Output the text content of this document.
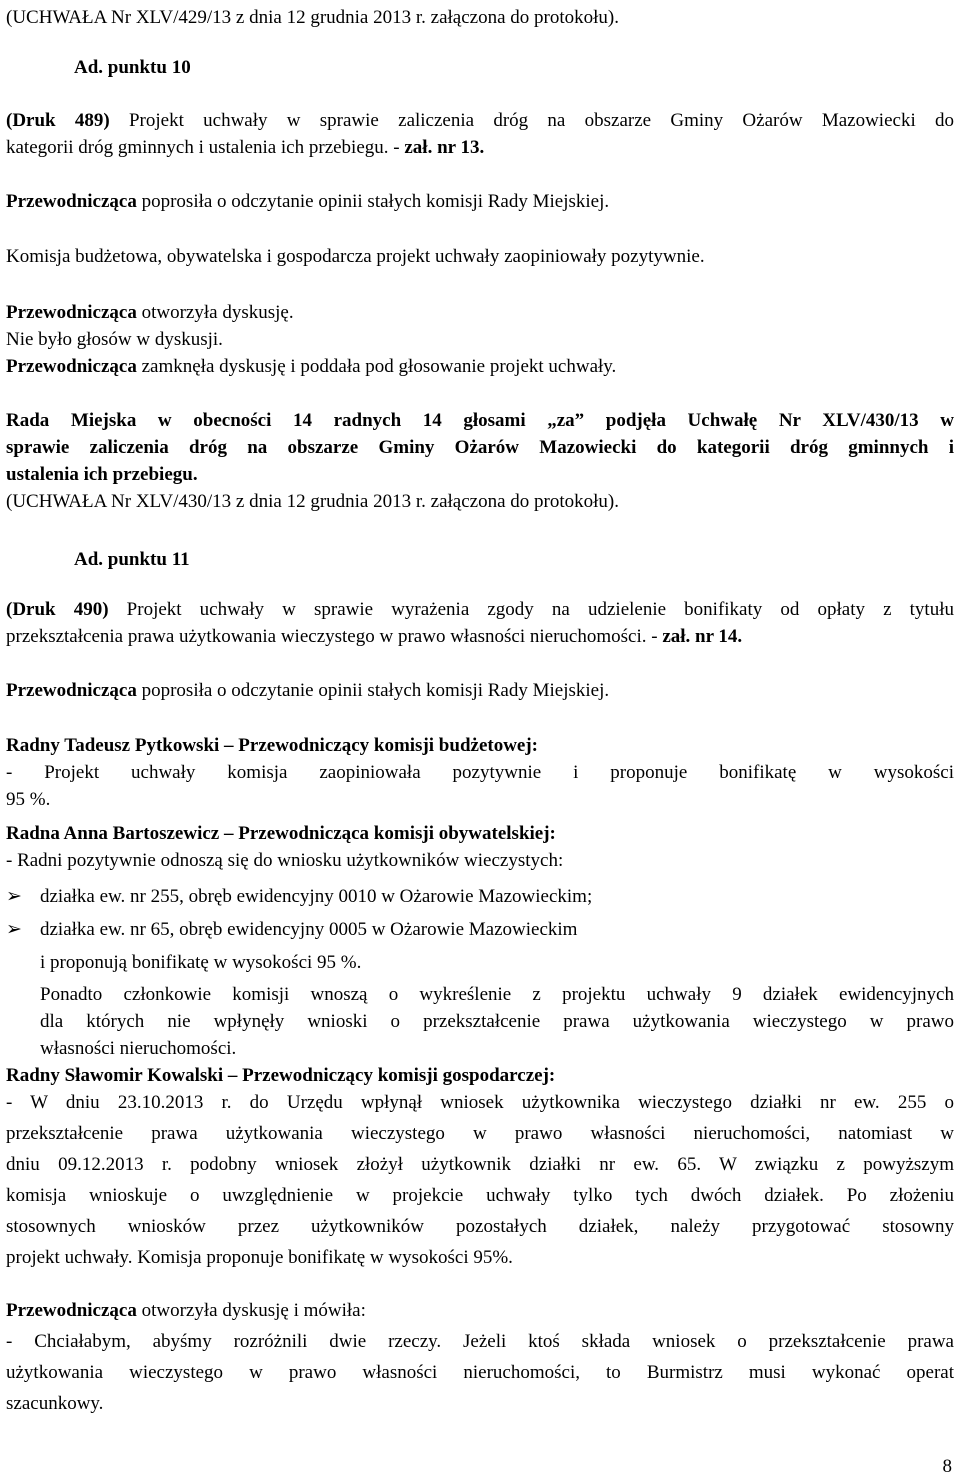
(UCHWAŁA Nr XLV/429/13 z dnia 12 grudnia 2013 r. załączona do protokołu).
Ad. punktu 10
(Druk 489) Projekt uchwały w sprawie zaliczenia dróg na obszarze Gminy Ożarów Mazowiecki do
kategorii dróg gminnych i ustalenia ich przebiegu. - zał. nr 13.
Przewodnicząca poprosiła o odczytanie opinii stałych komisji Rady Miejskiej.
Komisja budżetowa, obywatelska i gospodarcza projekt uchwały zaopiniowały pozytywnie.
Przewodnicząca otworzyła dyskusję.
Nie było głosów w dyskusji.
Przewodnicząca zamknęła dyskusję i poddała pod głosowanie projekt uchwały.
Rada Miejska w obecności 14 radnych 14 głosami „za” podjęła Uchwałę Nr XLV/430/13 w
sprawie zaliczenia dróg na obszarze Gminy Ożarów Mazowiecki do kategorii dróg gminnych i
ustalenia ich przebiegu.
(UCHWAŁA Nr XLV/430/13 z dnia 12 grudnia 2013 r. załączona do protokołu).
Ad. punktu 11
(Druk 490) Projekt uchwały w sprawie wyrażenia zgody na udzielenie bonifikaty od opłaty z tytułu
przekształcenia prawa użytkowania wieczystego w prawo własności nieruchomości. - zał. nr 14.
Przewodnicząca poprosiła o odczytanie opinii stałych komisji Rady Miejskiej.
Radny Tadeusz Pytkowski – Przewodniczący komisji budżetowej:
- Projekt uchwały komisja zaopiniowała pozytywnie i proponuje bonifikatę w wysokości
95 %.
Radna Anna Bartoszewicz – Przewodnicząca komisji obywatelskiej:
- Radni pozytywnie odnoszą się do wniosku użytkowników wieczystych:
➢ działka ew. nr 255, obręb ewidencyjny 0010 w Ożarowie Mazowieckim;
➢ działka ew. nr 65, obręb ewidencyjny 0005 w Ożarowie Mazowieckim
i proponują bonifikatę w wysokości 95 %.
Ponadto członkowie komisji wnoszą o wykreślenie z projektu uchwały 9 działek ewidencyjnych
dla których nie wpłynęły wnioski o przekształcenie prawa użytkowania wieczystego w prawo
własności nieruchomości.
Radny Sławomir Kowalski – Przewodniczący komisji gospodarczej:
- W dniu 23.10.2013 r. do Urzędu wpłynął wniosek użytkownika wieczystego działki nr ew. 255 o
przekształcenie prawa użytkowania wieczystego w prawo własności nieruchomości, natomiast w
dniu 09.12.2013 r. podobny wniosek złożył użytkownik działki nr ew. 65. W związku z powyższym
komisja wnioskuje o uwzględnienie w projekcie uchwały tylko tych dwóch działek. Po złożeniu
stosownych wniosków przez użytkowników pozostałych działek, należy przygotować stosowny
projekt uchwały. Komisja proponuje bonifikatę w wysokości 95%.
Przewodnicząca otworzyła dyskusję i mówiła:
- Chciałabym, abyśmy rozróżnili dwie rzeczy. Jeżeli ktoś składa wniosek o przekształcenie prawa
użytkowania wieczystego w prawo własności nieruchomości, to Burmistrz musi wykonać operat
szacunkowy.
8
